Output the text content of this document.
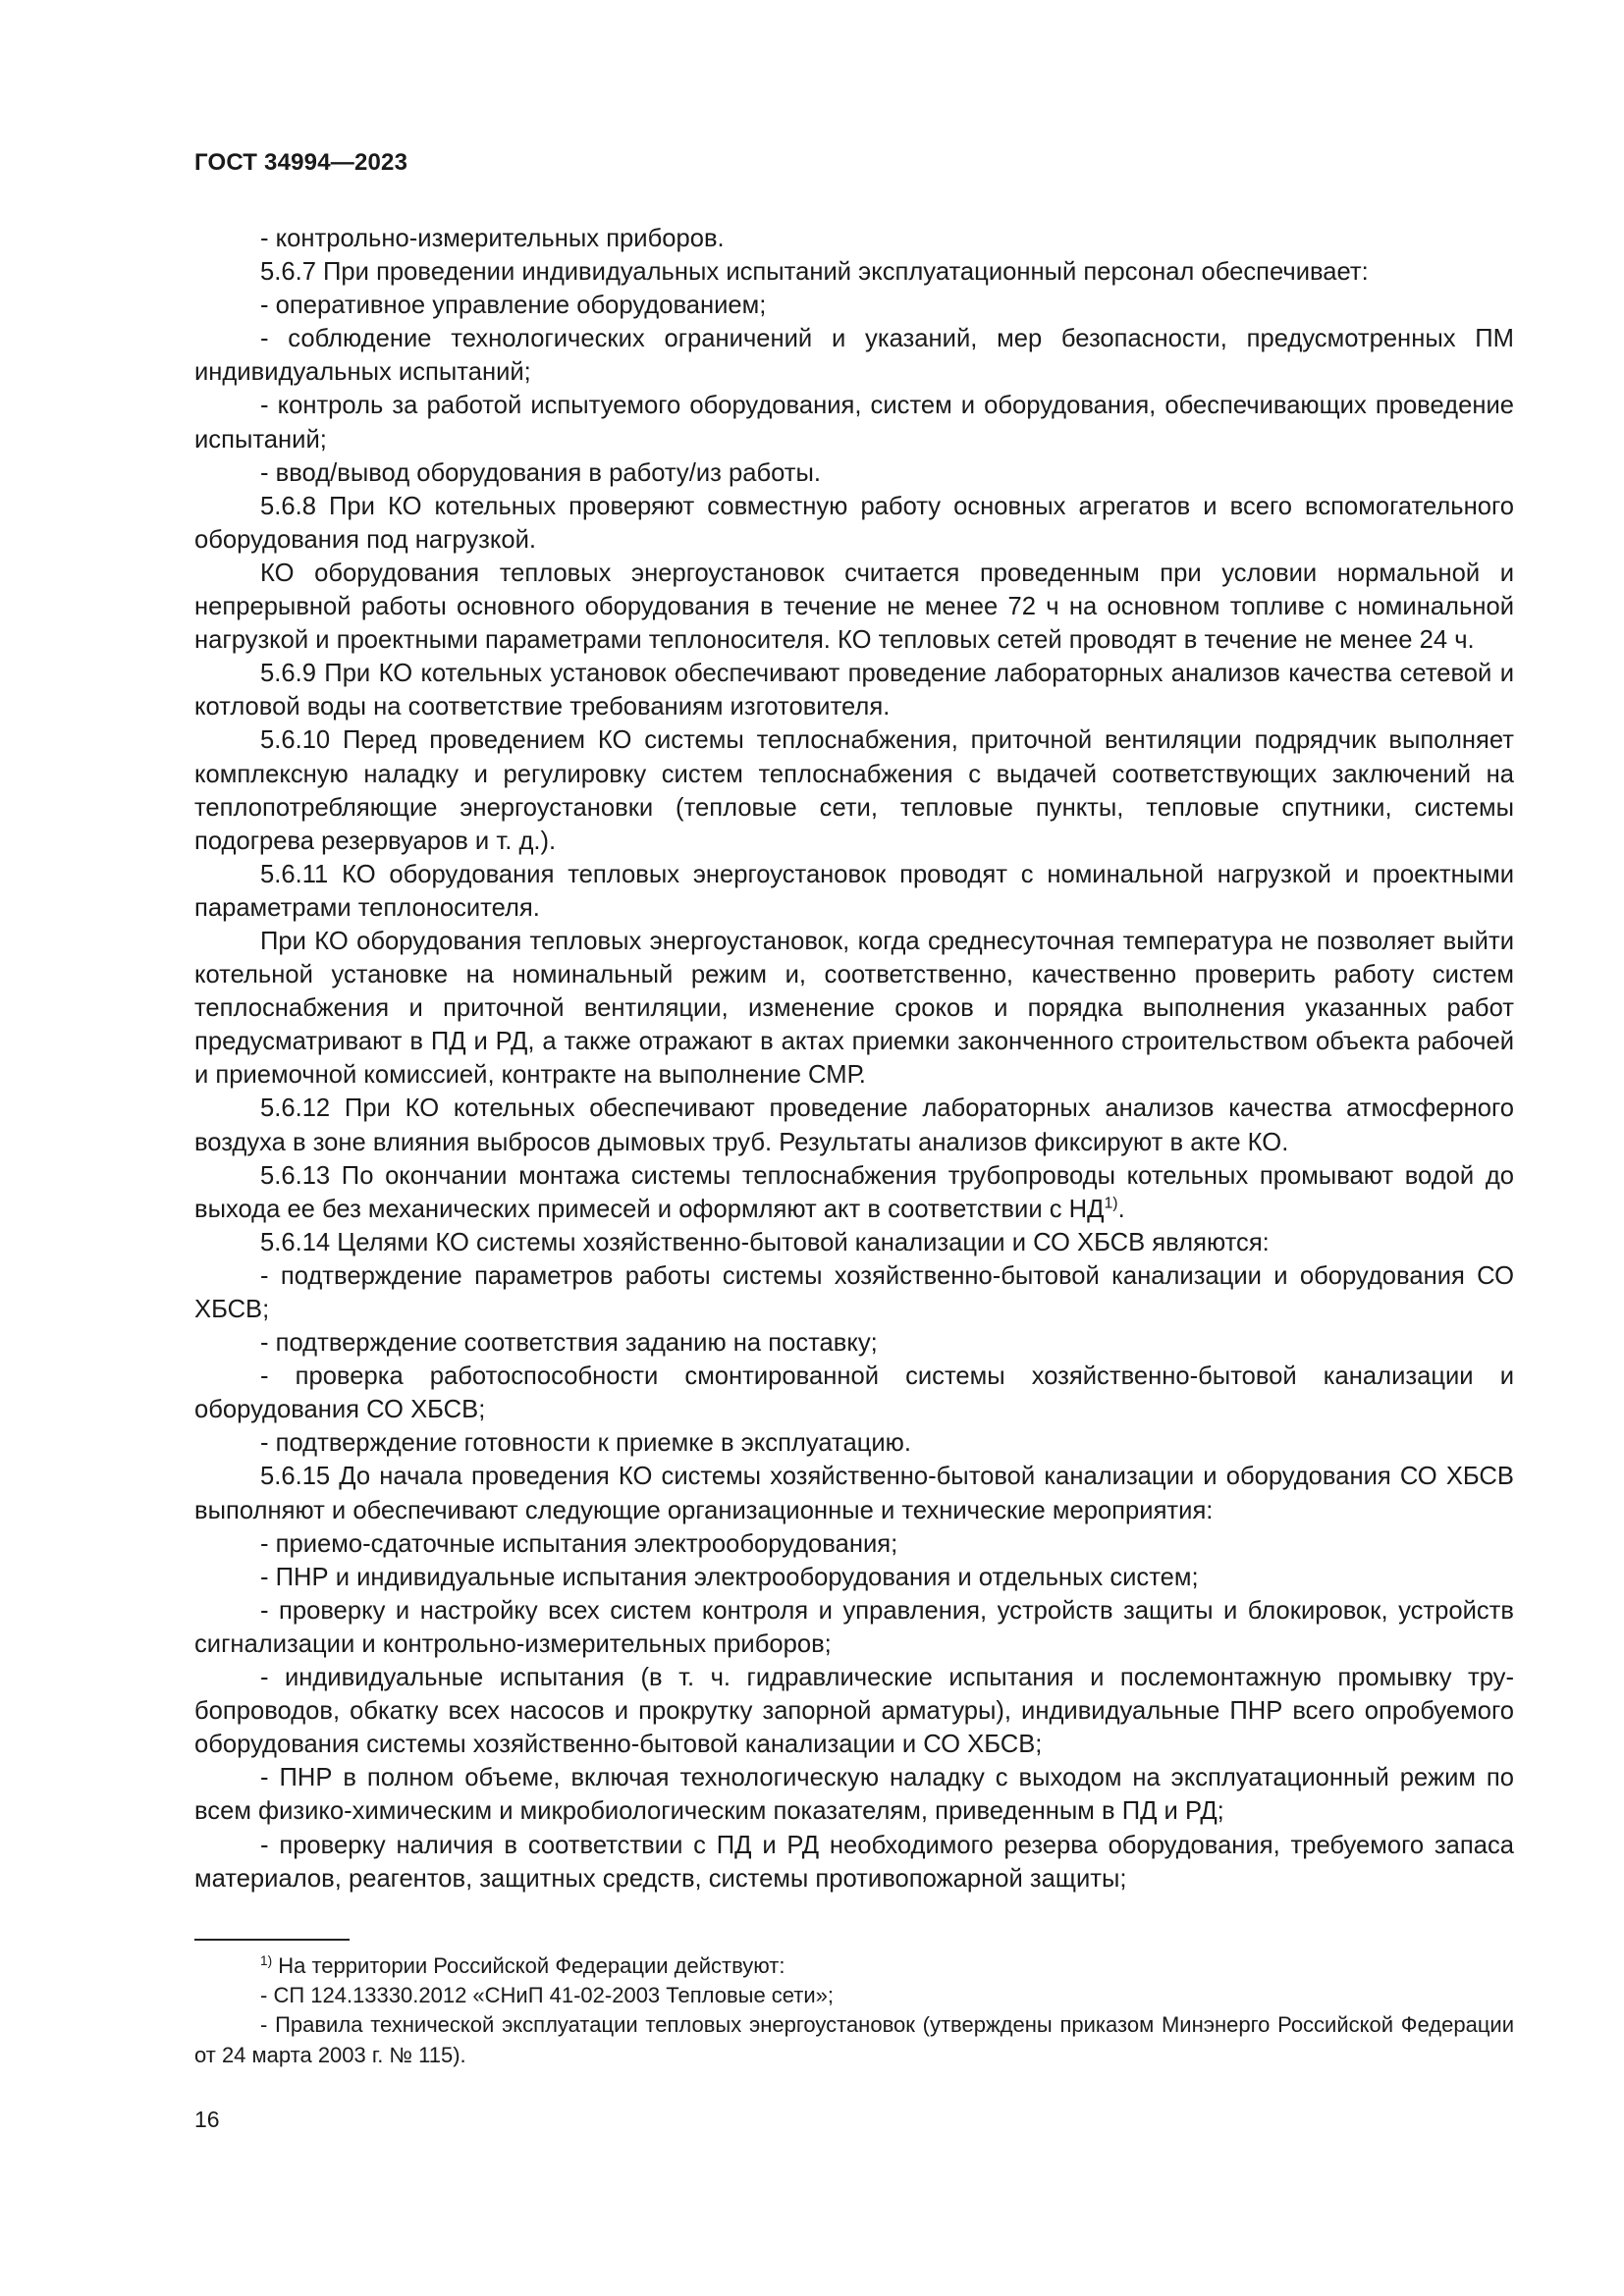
ГОСТ 34994—2023

- контрольно-измерительных приборов.

5.6.7 При проведении индивидуальных испытаний эксплуатационный персонал обеспечивает:

- оперативное управление оборудованием;

- соблюдение технологических ограничений и указаний, мер безопасности, предусмотренных ПМ индивидуальных испытаний;

- контроль за работой испытуемого оборудования, систем и оборудования, обеспечивающих проведение испытаний;

- ввод/вывод оборудования в работу/из работы.

5.6.8 При КО котельных проверяют совместную работу основных агрегатов и всего вспомогательного оборудования под нагрузкой.

КО оборудования тепловых энергоустановок считается проведенным при условии нормальной и непрерывной работы основного оборудования в течение не менее 72 ч на основном топливе с номинальной нагрузкой и проектными параметрами теплоносителя. КО тепловых сетей проводят в течение не менее 24 ч.

5.6.9 При КО котельных установок обеспечивают проведение лабораторных анализов качества сетевой и котловой воды на соответствие требованиям изготовителя.

5.6.10 Перед проведением КО системы теплоснабжения, приточной вентиляции подрядчик выполняет комплексную наладку и регулировку систем теплоснабжения с выдачей соответствующих заключений на теплопотребляющие энергоустановки (тепловые сети, тепловые пункты, тепловые спутники, системы подогрева резервуаров и т. д.).

5.6.11 КО оборудования тепловых энергоустановок проводят с номинальной нагрузкой и проектными параметрами теплоносителя.

При КО оборудования тепловых энергоустановок, когда среднесуточная температура не позволяет выйти котельной установке на номинальный режим и, соответственно, качественно проверить работу систем теплоснабжения и приточной вентиляции, изменение сроков и порядка выполнения указанных работ предусматривают в ПД и РД, а также отражают в актах приемки законченного строительством объекта рабочей и приемочной комиссией, контракте на выполнение СМР.

5.6.12 При КО котельных обеспечивают проведение лабораторных анализов качества атмосферного воздуха в зоне влияния выбросов дымовых труб. Результаты анализов фиксируют в акте КО.

5.6.13 По окончании монтажа системы теплоснабжения трубопроводы котельных промывают водой до выхода ее без механических примесей и оформляют акт в соответствии с НД$^{1)}$.

5.6.14 Целями КО системы хозяйственно-бытовой канализации и СО ХБСВ являются:

- подтверждение параметров работы системы хозяйственно-бытовой канализации и оборудования СО ХБСВ;

- подтверждение соответствия заданию на поставку;

- проверка работоспособности смонтированной системы хозяйственно-бытовой канализации и оборудования СО ХБСВ;

- подтверждение готовности к приемке в эксплуатацию.

5.6.15 До начала проведения КО системы хозяйственно-бытовой канализации и оборудования СО ХБСВ выполняют и обеспечивают следующие организационные и технические мероприятия:

- приемо-сдаточные испытания электрооборудования;

- ПНР и индивидуальные испытания электрооборудования и отдельных систем;

- проверку и настройку всех систем контроля и управления, устройств защиты и блокировок, устройств сигнализации и контрольно-измерительных приборов;

- индивидуальные испытания (в т. ч. гидравлические испытания и послемонтажную промывку трубопроводов, обкатку всех насосов и прокрутку запорной арматуры), индивидуальные ПНР всего опробуемого оборудования системы хозяйственно-бытовой канализации и СО ХБСВ;

- ПНР в полном объеме, включая технологическую наладку с выходом на эксплуатационный режим по всем физико-химическим и микробиологическим показателям, приведенным в ПД и РД;

- проверку наличия в соответствии с ПД и РД необходимого резерва оборудования, требуемого запаса материалов, реагентов, защитных средств, системы противопожарной защиты;

$^{1)}$ На территории Российской Федерации действуют:

- СП 124.13330.2012 «СНиП 41-02-2003 Тепловые сети»;

- Правила технической эксплуатации тепловых энергоустановок (утверждены приказом Минэнерго Российской Федерации от 24 марта 2003 г. № 115).

16
